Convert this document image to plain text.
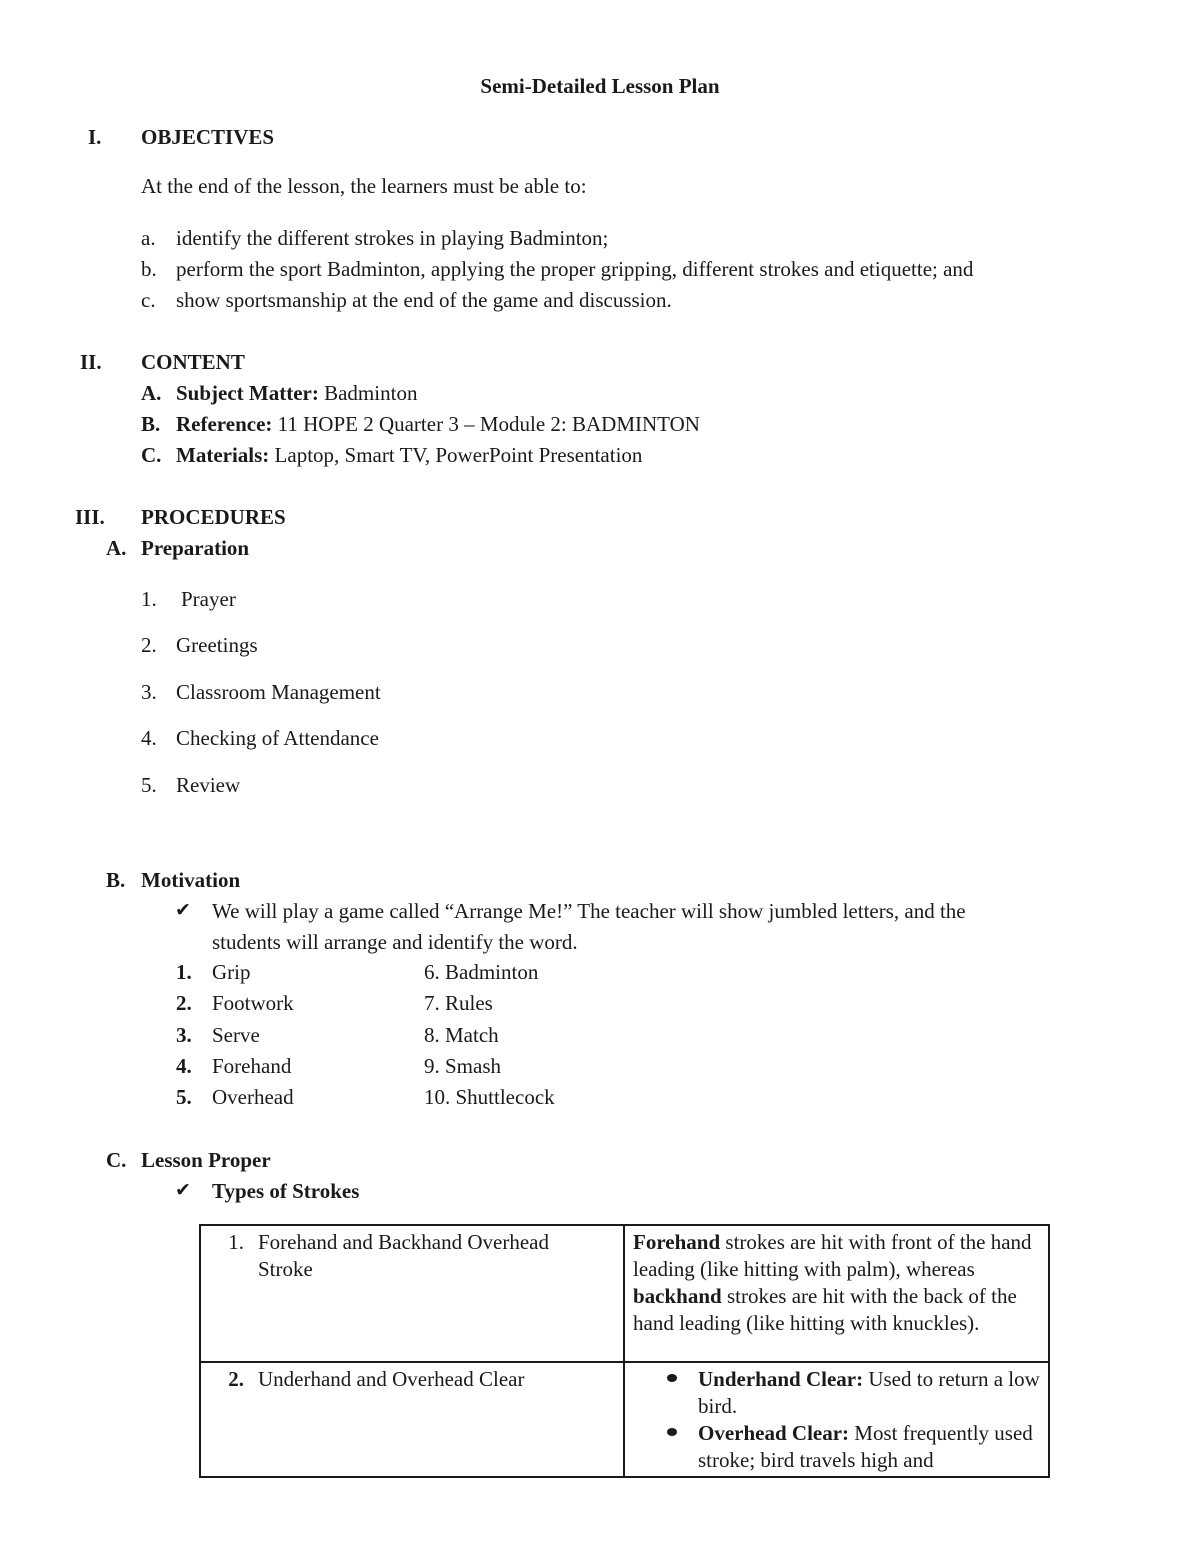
Semi-Detailed Lesson Plan
I. OBJECTIVES
At the end of the lesson, the learners must be able to:
a. identify the different strokes in playing Badminton;
b. perform the sport Badminton, applying the proper gripping, different strokes and etiquette; and
c. show sportsmanship at the end of the game and discussion.
II. CONTENT
A. Subject Matter: Badminton
B. Reference: 11 HOPE 2 Quarter 3 – Module 2: BADMINTON
C. Materials: Laptop, Smart TV, PowerPoint Presentation
III. PROCEDURES
A. Preparation
1. Prayer
2. Greetings
3. Classroom Management
4. Checking of Attendance
5. Review
B. Motivation
✔ We will play a game called “Arrange Me!” The teacher will show jumbled letters, and the
students will arrange and identify the word.
1. Grip	6. Badminton
2. Footwork	7. Rules
3. Serve	8. Match
4. Forehand	9. Smash
5. Overhead	10. Shuttlecock
C. Lesson Proper
✔ Types of Strokes
1. Forehand and Backhand Overhead Stroke	Forehand strokes are hit with front of the hand leading (like hitting with palm), whereas backhand strokes are hit with the back of the hand leading (like hitting with knuckles).
2. Underhand and Overhead Clear	Underhand Clear: Used to return a low bird.
Overhead Clear: Most frequently used stroke; bird travels high and
